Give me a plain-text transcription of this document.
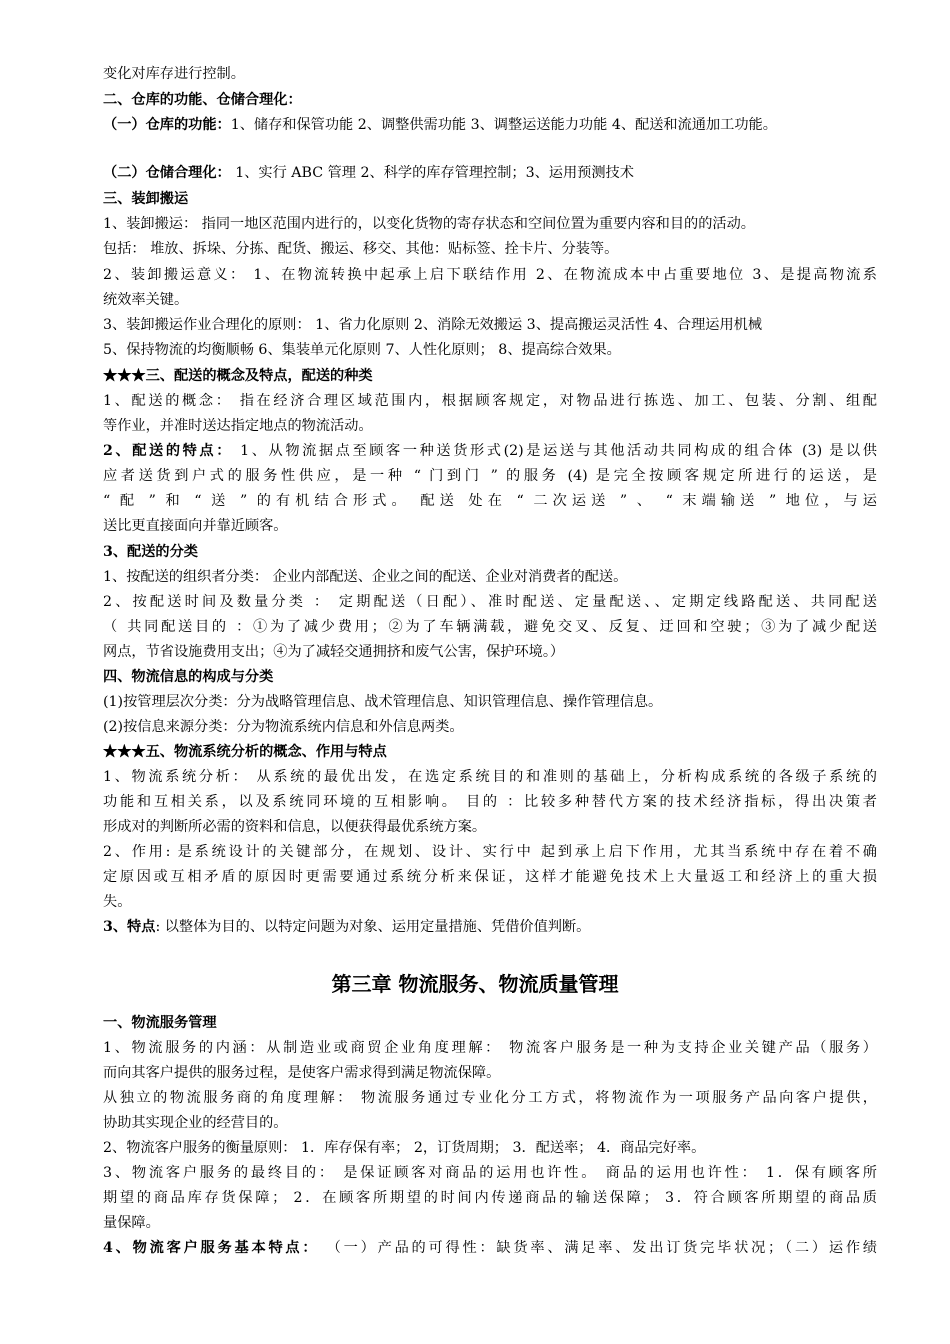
变化对库存进行控制。
二、仓库的功能、仓储合理化：
（一）仓库的功能：1、储存和保管功能 2、调整供需功能 3、调整运送能力功能 4、配送和流通加工功能。
（二）仓储合理化： 1、实行 ABC 管理 2、科学的库存管理控制；3、运用预测技术
三、装卸搬运
1、装卸搬运： 指同一地区范围内进行的，以变化货物的寄存状态和空间位置为重要内容和目的的活动。
包括： 堆放、拆垛、分拣、配货、搬运、移交、其他：贴标签、拴卡片、分装等。
2、装卸搬运意义： 1、在物流转换中起承上启下联结作用 2、在物流成本中占重要地位 3、是提高物流系
统效率关键。
3、装卸搬运作业合理化的原则： 1、省力化原则 2、消除无效搬运 3、提高搬运灵活性 4、合理运用机械
5、保持物流的均衡顺畅 6、集装单元化原则 7、人性化原则； 8、提高综合效果。
★★★三、配送的概念及特点，配送的种类
1、配送的概念： 指在经济合理区域范围内，根据顾客规定，对物品进行拣选、加工、包装、分割、组配
等作业，并准时送达指定地点的物流活动。
2、配送的特点： 1、从物流据点至顾客一种送货形式(2)是运送与其他活动共同构成的组合体 (3) 是以供
应者送货到户式的服务性供应，是一种 “ 门到门 ” 的服务 (4) 是完全按顾客规定所进行的运送，是
“ 配 ” 和 “ 送 ” 的有机结合形式。 配送 处在 “ 二次运送 ” 、 “ 末端输送 ” 地位，与运
送比更直接面向并靠近顾客。
3、配送的分类
1、按配送的组织者分类： 企业内部配送、企业之间的配送、企业对消费者的配送。
2、按配送时间及数量分类 ： 定期配送（日配）、准时配送、定量配送、、定期定线路配送、共同配送
（ 共同配送目的 ：①为了减少费用；②为了车辆满载，避免交叉、反复、迂回和空驶；③为了减少配送
网点，节省设施费用支出；④为了减轻交通拥挤和废气公害，保护环境。）
四、物流信息的构成与分类
(1)按管理层次分类：分为战略管理信息、战术管理信息、知识管理信息、操作管理信息。
(2)按信息来源分类：分为物流系统内信息和外信息两类。
★★★五、物流系统分析的概念、作用与特点
1、物流系统分析： 从系统的最优出发，在选定系统目的和准则的基础上，分析构成系统的各级子系统的
功能和互相关系，以及系统同环境的互相影响。 目的 ：比较多种替代方案的技术经济指标，得出决策者
形成对的判断所必需的资料和信息，以便获得最优系统方案。
2、作用: 是系统设计的关键部分，在规划、设计、实行中 起到承上启下作用，尤其当系统中存在着不确
定原因或互相矛盾的原因时更需要通过系统分析来保证，这样才能避免技术上大量返工和经济上的重大损
失。
3、特点: 以整体为目的、以特定问题为对象、运用定量措施、凭借价值判断。
第三章 物流服务、物流质量管理
一、物流服务管理
1、物流服务的内涵：从制造业或商贸企业角度理解： 物流客户服务是一种为支持企业关键产品（服务）
而向其客户提供的服务过程，是使客户需求得到满足物流保障。
从独立的物流服务商的角度理解： 物流服务通过专业化分工方式，将物流作为一项服务产品向客户提供，
协助其实现企业的经营目的。
2、物流客户服务的衡量原则： 1．库存保有率； 2，订货周期； 3．配送率； 4．商品完好率。
3、物流客户服务的最终目的： 是保证顾客对商品的运用也许性。 商品的运用也许性： 1．保有顾客所
期望的商品库存货保障； 2．在顾客所期望的时间内传递商品的输送保障； 3．符合顾客所期望的商品质
量保障。
4、物流客户服务基本特点： （一）产品的可得性：缺货率、满足率、发出订货完毕状况；（二）运作绩
